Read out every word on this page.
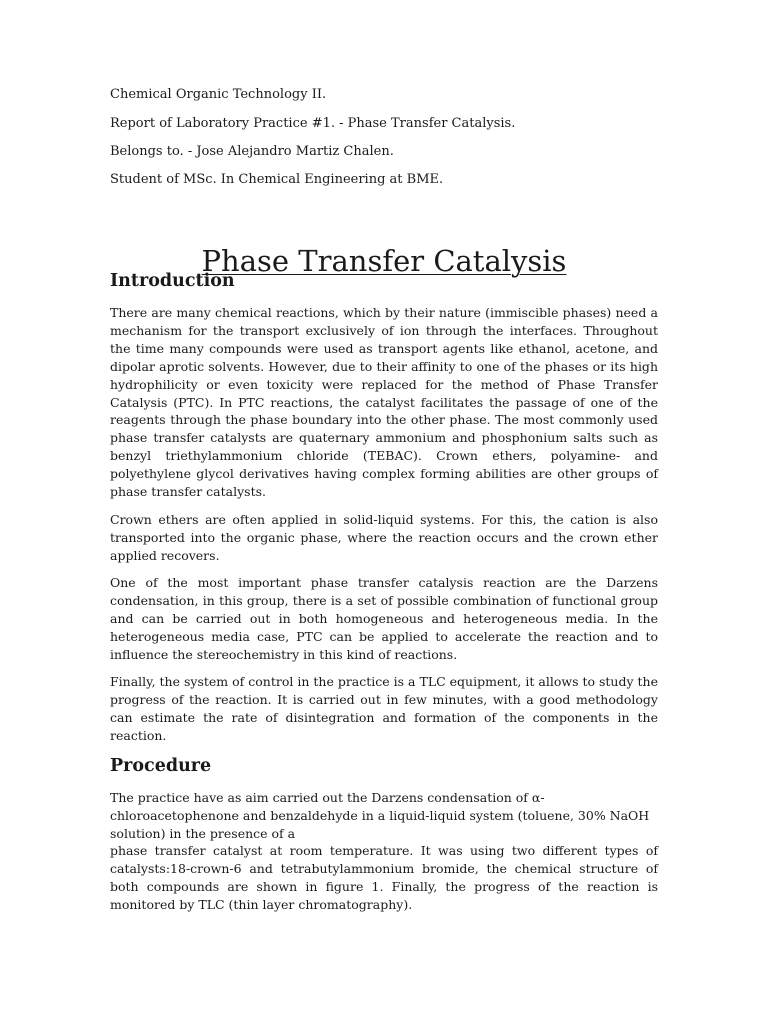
Chemical Organic Technology II.
Report of Laboratory Practice #1. - Phase Transfer Catalysis.
Belongs to. - Jose Alejandro Martiz Chalen.
Student of MSc. In Chemical Engineering at BME.
Phase Transfer Catalysis
Introduction

There are many chemical reactions, which by their nature (immiscible phases) need a mechanism for the transport exclusively of ion through the interfaces. Throughout the time many compounds were used as transport agents like ethanol, acetone, and dipolar aprotic solvents. However, due to their affinity to one of the phases or its high hydrophilicity or even toxicity were replaced for the method of Phase Transfer Catalysis (PTC). In PTC reactions, the catalyst facilitates the passage of one of the reagents through the phase boundary into the other phase. The most commonly used phase transfer catalysts are quaternary ammonium and phosphonium salts such as benzyl triethylammonium chloride (TEBAC). Crown ethers, polyamine- and polyethylene glycol derivatives having complex forming abilities are other groups of phase transfer catalysts.

Crown ethers are often applied in solid-liquid systems. For this, the cation is also transported into the organic phase, where the reaction occurs and the crown ether applied recovers.

One of the most important phase transfer catalysis reaction are the Darzens condensation, in this group, there is a set of possible combination of functional group and can be carried out in both homogeneous and heterogeneous media. In the heterogeneous media case, PTC can be applied to accelerate the reaction and to influence the stereochemistry in this kind of reactions.

Finally, the system of control in the practice is a TLC equipment, it allows to study the progress of the reaction. It is carried out in few minutes, with a good methodology can estimate the rate of disintegration and formation of the components in the reaction.

Procedure

The practice have as aim carried out the Darzens condensation of α-chloroacetophenone and benzaldehyde in a liquid-liquid system (toluene, 30% NaOH solution) in the presence of a

phase transfer catalyst at room temperature. It was using two different types of catalysts:18-crown-6 and tetrabutylammonium bromide, the chemical structure of both compounds are shown in figure 1. Finally, the progress of the reaction is monitored by TLC (thin layer chromatography).
